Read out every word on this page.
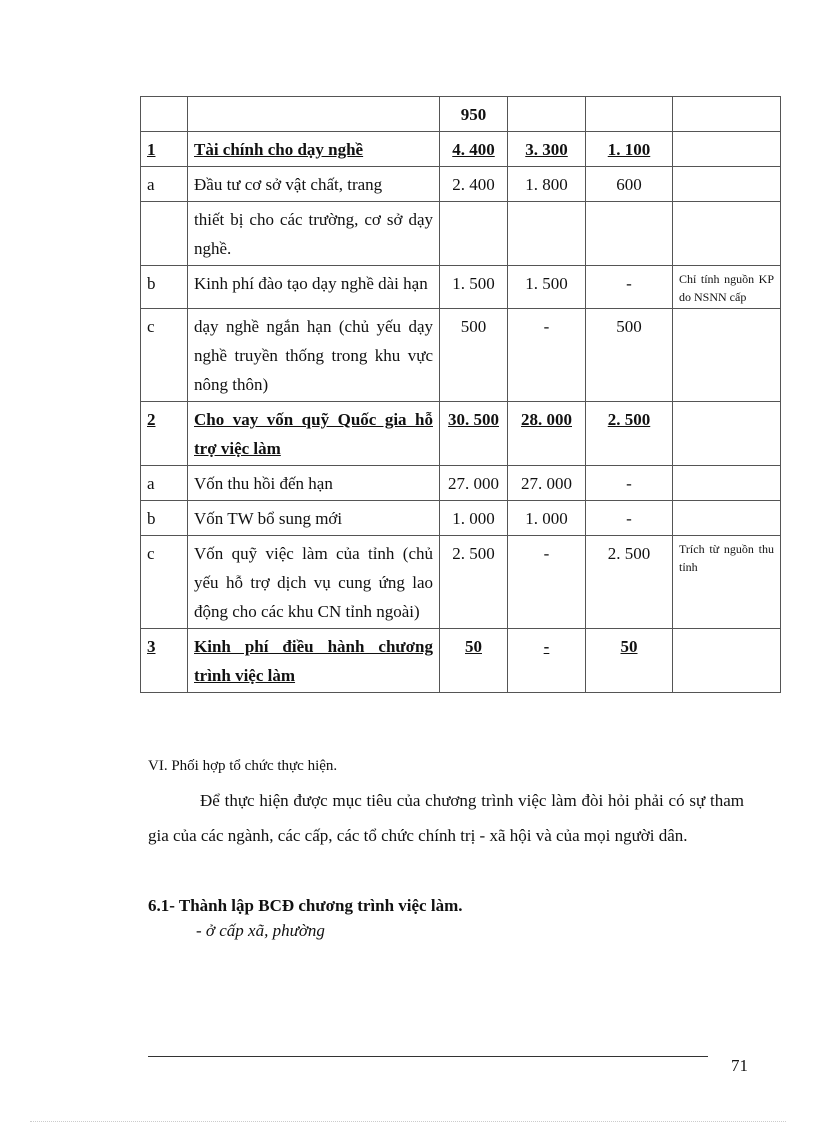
		950			
1	Tài chính cho dạy nghề	4. 400	3. 300	1. 100	
a	Đầu tư cơ sở vật chất, trang	2. 400	1. 800	600	
	thiết bị cho các trường, cơ sở dạy nghề.				
b	Kinh phí đào tạo dạy nghề dài hạn	1. 500	1. 500	-	Chỉ tính nguồn KP do NSNN cấp
c	dạy nghề ngắn hạn (chủ yếu dạy nghề truyền thống trong khu vực nông thôn)	500	-	500	
2	Cho vay vốn quỹ Quốc gia hỗ trợ việc làm	30. 500	28. 000	2. 500	
a	Vốn thu hồi đến hạn	27. 000	27. 000	-	
b	Vốn TW bổ sung mới	1. 000	1. 000	-	
c	Vốn quỹ việc làm của tỉnh (chủ yếu hỗ trợ dịch vụ cung ứng lao động cho các khu CN tỉnh ngoài)	2. 500	-	2. 500	Trích từ nguồn thu tỉnh
3	Kinh phí điều hành chương trình việc làm	50	-	50	
VI. Phối hợp tổ chức thực hiện.
Để thực hiện được mục tiêu của chương trình việc làm đòi hỏi phải có sự tham gia của các ngành, các cấp, các tổ chức chính trị - xã hội và của mọi người dân.
6.1- Thành lập BCĐ chương trình việc làm.
- ở cấp xã, phường
71
